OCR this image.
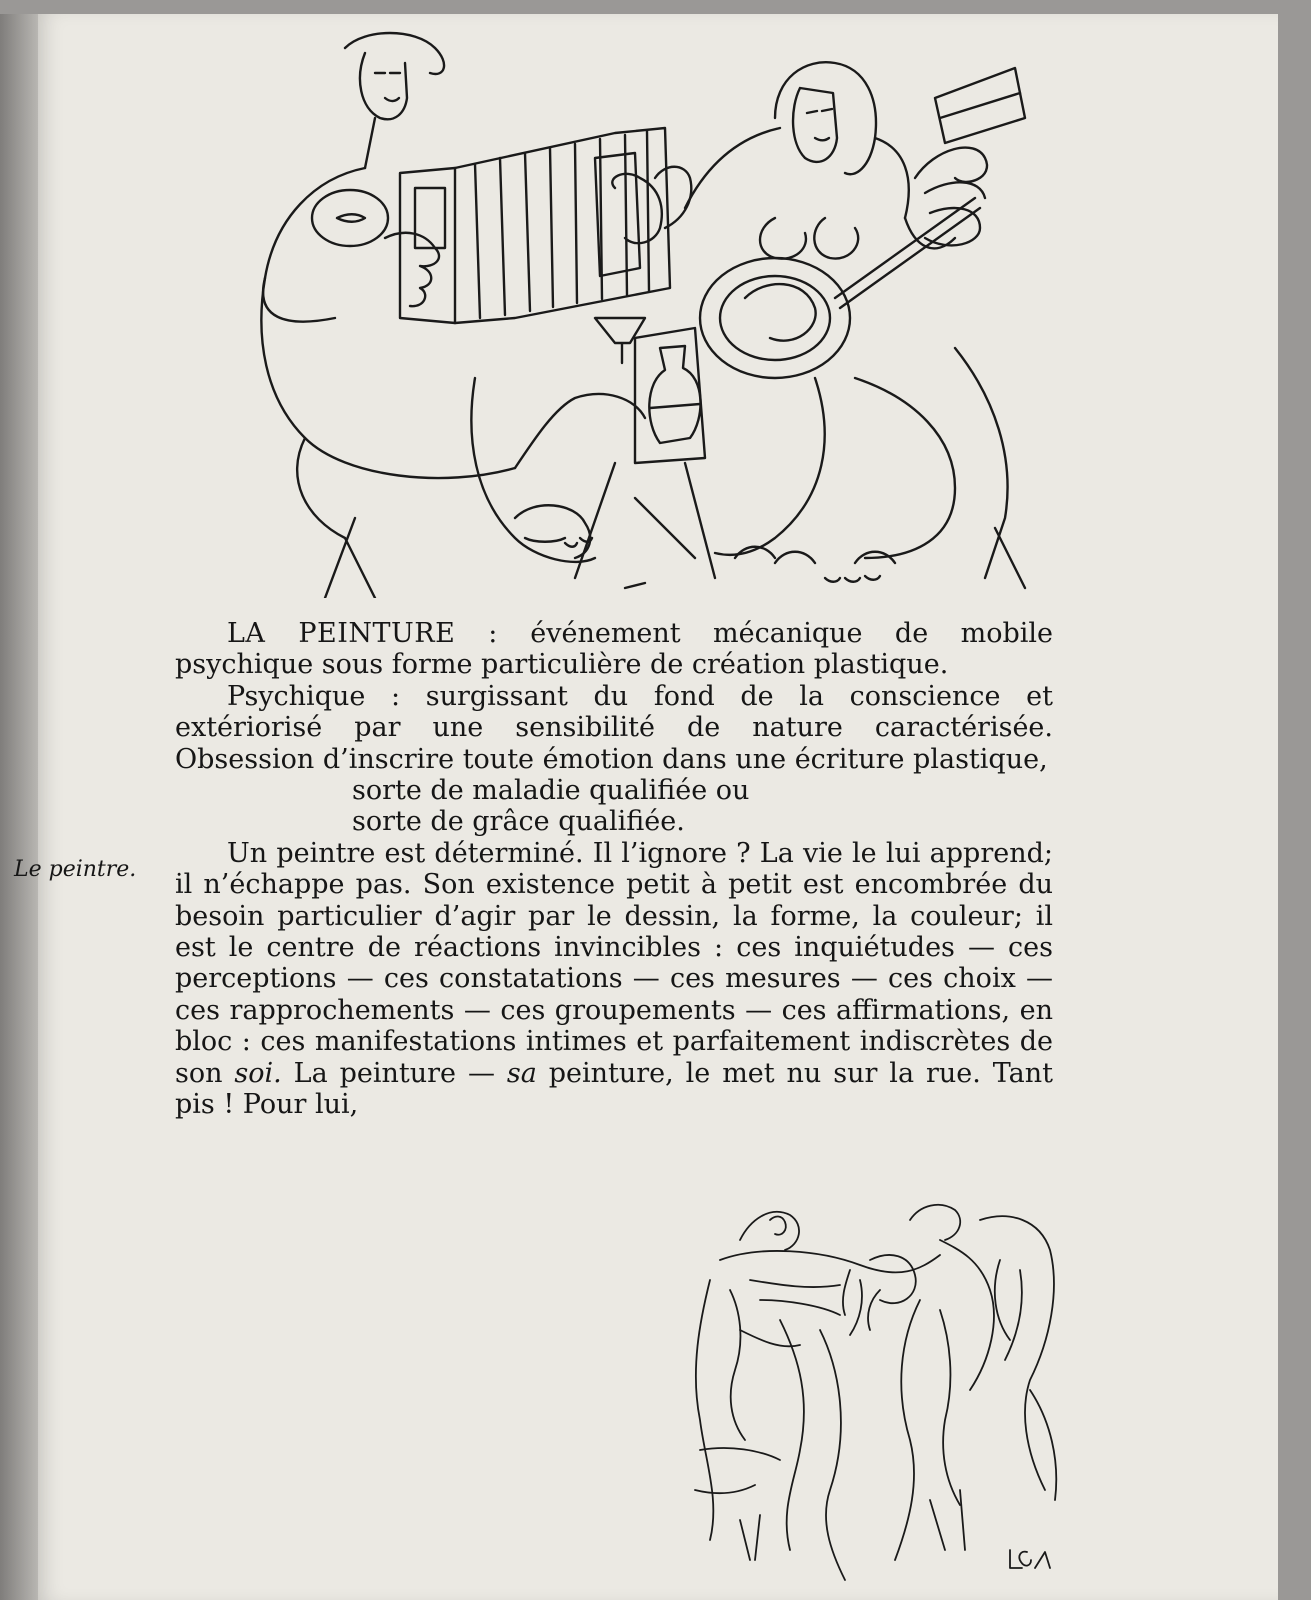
Le peintre.

LA PEINTURE : événement mécanique de mobile psychique sous forme particulière de création plastique.

Psychique : surgissant du fond de la conscience et extériorisé par une sensibilité de nature caractérisée. Obsession d’inscrire toute émotion dans une écriture plastique,
sorte de maladie qualifiée ou
sorte de grâce qualifiée.

Un peintre est déterminé. Il l’ignore ? La vie le lui apprend; il n’échappe pas. Son existence petit à petit est encombrée du besoin particulier d’agir par le dessin, la forme, la couleur; il est le centre de réactions invincibles : ces inquiétudes — ces perceptions — ces constatations — ces mesures — ces choix — ces rapprochements — ces groupements — ces affirmations, en bloc : ces manifestations intimes et parfaitement indiscrètes de son soi. La peinture — sa peinture, le met nu sur la rue. Tant pis ! Pour lui,
